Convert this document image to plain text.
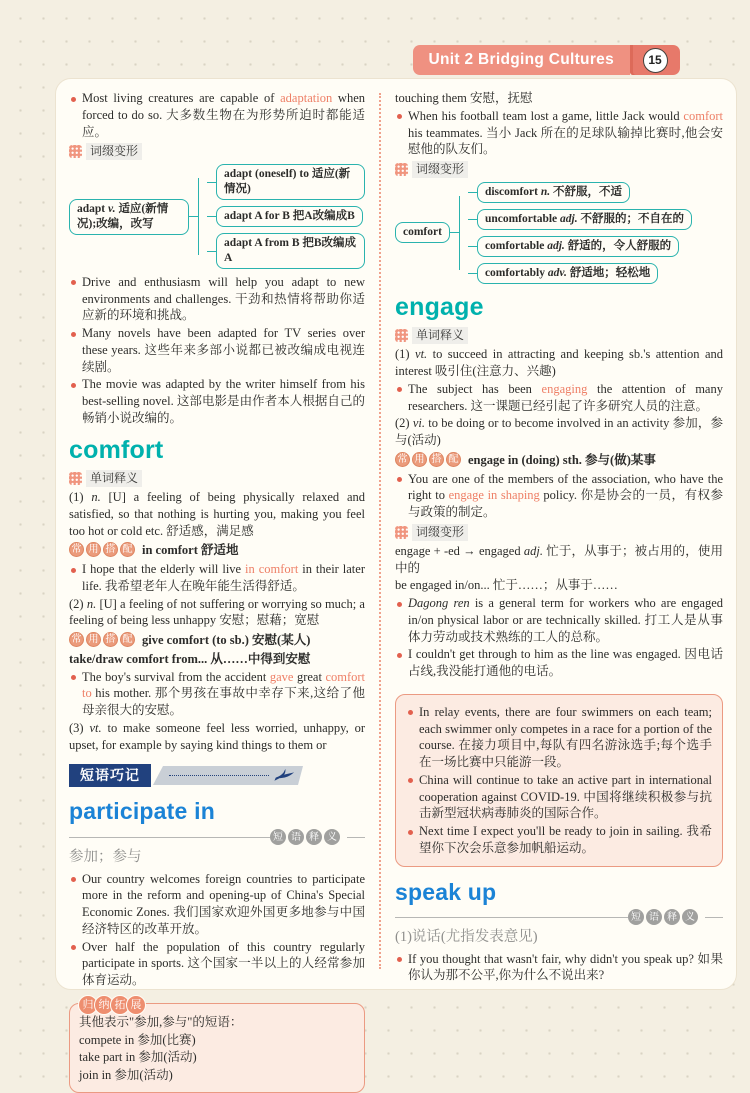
Unit 2 Bridging Cultures	15
Most living creatures are capable of adaptation when forced to do so. 大多数生物在为形势所迫时都能适应。
词缀变形
adapt v. 适应(新情况);改编，改写
adapt (oneself) to 适应(新情况)
adapt A for B 把A改编成B
adapt A from B 把B改编成A
Drive and enthusiasm will help you adapt to new environments and challenges. 干劲和热情将帮助你适应新的环境和挑战。
Many novels have been adapted for TV series over these years. 这些年来多部小说都已被改编成电视连续剧。
The movie was adapted by the writer himself from his best-selling novel. 这部电影是由作者本人根据自己的畅销小说改编的。
comfort
单词释义

(1) n. [U] a feeling of being physically relaxed and satisfied, so that nothing is hurting you, making you feel too hot or cold etc. 舒适感，满足感

常 用 搭 配 in comfort 舒适地
I hope that the elderly will live in comfort in their later life. 我希望老年人在晚年能生活得舒适。

(2) n. [U] a feeling of not suffering or worrying so much; a feeling of being less unhappy 安慰；慰藉；宽慰

常 用 搭 配 give comfort (to sb.) 安慰(某人)

take/draw comfort from... 从……中得到安慰

The boy's survival from the accident gave great comfort to his mother. 那个男孩在事故中幸存下来,这给了他母亲很大的安慰。

(3) vt. to make someone feel less worried, unhappy, or upset, for example by saying kind things to them or

短语巧记
participate in
短 语 释 义

参加；参与

Our country welcomes foreign countries to participate more in the reform and opening-up of China's Special Economic Zones. 我们国家欢迎外国更多地参与中国经济特区的改革开放。
Over half the population of this country regularly participate in sports. 这个国家一半以上的人经常参加体育运动。
归 纳 拓 展

其他表示"参加,参与"的短语：

compete in 参加(比赛)

take part in 参加(活动)

join in 参加(活动)

touching them 安慰，抚慰

When his football team lost a game, little Jack would comfort his teammates. 当小 Jack 所在的足球队输掉比赛时,他会安慰他的队友们。
词缀变形
comfort
discomfort n. 不舒服，不适
uncomfortable adj. 不舒服的；不自在的
comfortable adj. 舒适的，令人舒服的
comfortably adv. 舒适地；轻松地
engage
单词释义

(1) vt. to succeed in attracting and keeping sb.'s attention and interest 吸引住(注意力、兴趣)

The subject has been engaging the attention of many researchers. 这一课题已经引起了许多研究人员的注意。

(2) vi. to be doing or to become involved in an activity 参加，参与(活动)

常 用 搭 配 engage in (doing) sth. 参与(做)某事
You are one of the members of the association, who have the right to engage in shaping policy. 你是协会的一员，有权参与政策的制定。
词缀变形

engage + -ed → engaged adj. 忙于，从事于；被占用的，使用中的

be engaged in/on... 忙于……；从事于……

Dagong ren is a general term for workers who are engaged in/on physical labor or are technically skilled. 打工人是从事体力劳动或技术熟练的工人的总称。
I couldn't get through to him as the line was engaged. 因电话占线,我没能打通他的电话。
In relay events, there are four swimmers on each team; each swimmer only competes in a race for a portion of the course. 在接力项目中,每队有四名游泳选手;每个选手在一场比赛中只能游一段。
China will continue to take an active part in international cooperation against COVID-19. 中国将继续积极参与抗击新型冠状病毒肺炎的国际合作。
Next time I expect you'll be ready to join in sailing. 我希望你下次会乐意参加帆船运动。
speak up
短 语 释 义

(1)说话(尤指发表意见)

If you thought that wasn't fair, why didn't you speak up? 如果你认为那不公平,你为什么不说出来?
